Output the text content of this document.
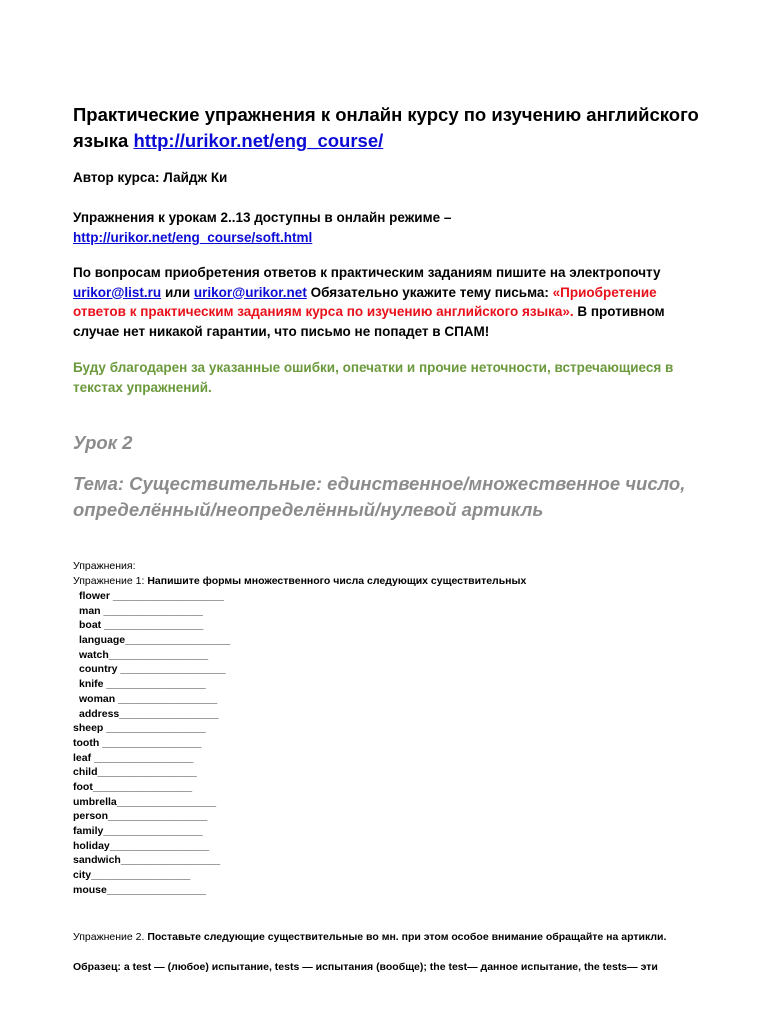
Практические упражнения к онлайн курсу по изучению английского языка http://urikor.net/eng_course/
Автор курса: Лайдж Ки
Упражнения к урокам 2..13 доступны в онлайн режиме –
http://urikor.net/eng_course/soft.html
По вопросам приобретения ответов к практическим заданиям пишите на электропочту urikor@list.ru или urikor@urikor.net Обязательно укажите тему письма: «Приобретение ответов к практическим заданиям курса по изучению английского языка». В противном случае нет никакой гарантии, что письмо не попадет в СПАМ!
Буду благодарен за указанные ошибки, опечатки и прочие неточности, встречающиеся в текстах упражнений.
Урок 2
Тема: Существительные: единственное/множественное число, определённый/неопределённый/нулевой артикль
Упражнения:
Упражнение 1: Напишите формы множественного числа следующих существительных
flower ___________________
man _________________
boat _________________
language__________________
watch_________________
country __________________
knife _________________
woman _________________
address_________________
sheep _________________
tooth _________________
leaf _________________
child_________________
foot_________________
umbrella_________________
person_________________
family_________________
holiday_________________
sandwich_________________
city_________________
mouse_________________
Упражнение 2. Поставьте следующие существительные во мн. при этом особое внимание обращайте на артикли.
Образец: a test — (любое) испытание, tests — испытания (вообще); the test— данное испытание, the tests— эти
